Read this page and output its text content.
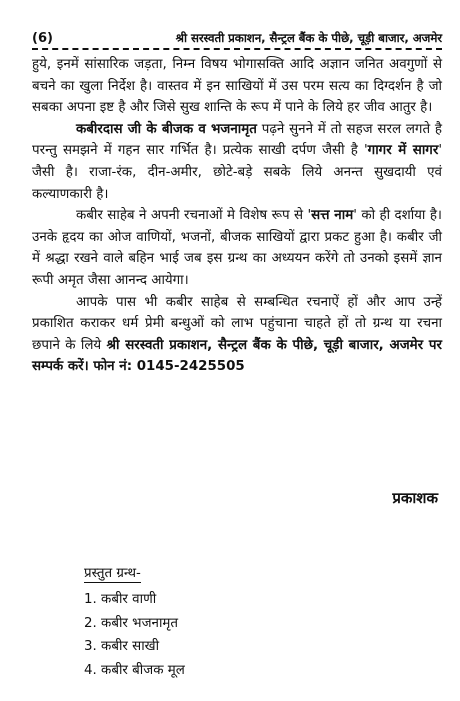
(6)	श्री सरस्वती प्रकाशन, सैन्ट्रल बैंक के पीछे, चूड़ी बाजार, अजमेर

हुये, इनमें सांसारिक जड़ता, निम्न विषय भोगासक्ति आदि अज्ञान जनित अवगुणों से बचने का खुला निर्देश है। वास्तव में इन साखियों में उस परम सत्य का दिग्दर्शन है जो सबका अपना इष्ट है और जिसे सुख शान्ति के रूप में पाने के लिये हर जीव आतुर है।

कबीरदास जी के बीजक व भजनामृत पढ़ने सुनने में तो सहज सरल लगते है परन्तु समझने में गहन सार गर्भित है। प्रत्येक साखी दर्पण जैसी है 'गागर में सागर' जैसी है। राजा-रंक, दीन-अमीर, छोटे-बड़े सबके लिये अनन्त सुखदायी एवं कल्याणकारी है।

कबीर साहेब ने अपनी रचनाओं मे विशेष रूप से 'सत्त नाम' को ही दर्शाया है। उनके हृदय का ओज वाणियों, भजनों, बीजक साखियों द्वारा प्रकट हुआ है। कबीर जी में श्रद्धा रखने वाले बहिन भाई जब इस ग्रन्थ का अध्ययन करेंगे तो उनको इसमें ज्ञान रूपी अमृत जैसा आनन्द आयेगा।

आपके पास भी कबीर साहेब से सम्बन्धित रचनाऐं हों और आप उन्हें प्रकाशित कराकर धर्म प्रेमी बन्धुओं को लाभ पहुंचाना चाहते हों तो ग्रन्थ या रचना छपाने के लिये श्री सरस्वती प्रकाशन, सैन्ट्रल बैंक के पीछे, चूड़ी बाजार, अजमेर पर सम्पर्क करें। फोन नं: 0145-2425505

प्रकाशक
प्रस्तुत ग्रन्थ-
1. कबीर वाणी
2. कबीर भजनामृत
3. कबीर साखी
4. कबीर बीजक मूल
